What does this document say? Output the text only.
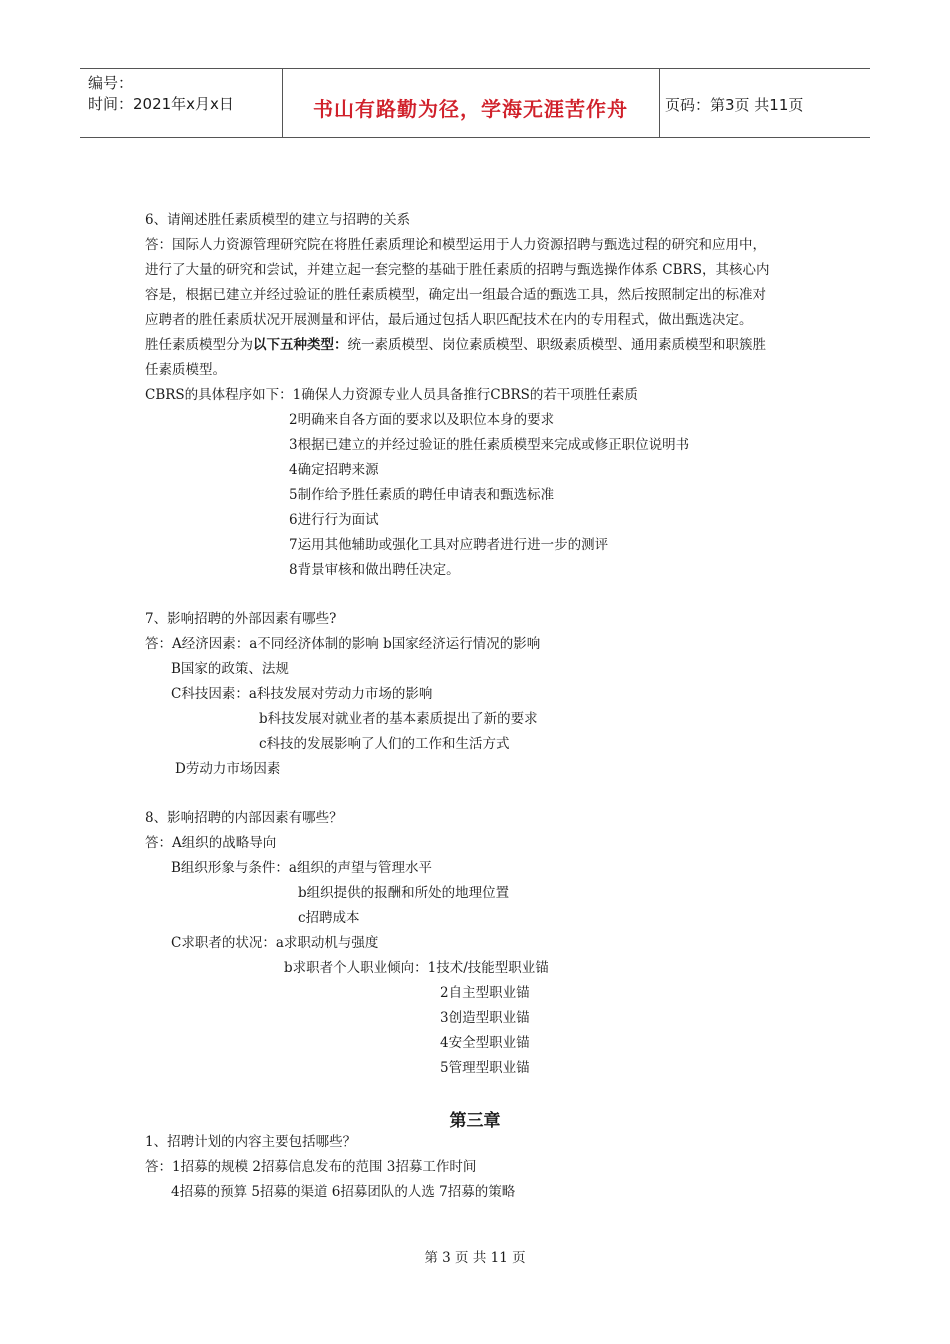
编号：
时间：2021年x月x日	书山有路勤为径，学海无涯苦作舟	页码：第3页 共11页
6、请阐述胜任素质模型的建立与招聘的关系
答：国际人力资源管理研究院在将胜任素质理论和模型运用于人力资源招聘与甄选过程的研究和应用中，
进行了大量的研究和尝试，并建立起一套完整的基础于胜任素质的招聘与甄选操作体系 CBRS，其核心内
容是，根据已建立并经过验证的胜任素质模型，确定出一组最合适的甄选工具，然后按照制定出的标准对
应聘者的胜任素质状况开展测量和评估，最后通过包括人职匹配技术在内的专用程式，做出甄选决定。
胜任素质模型分为以下五种类型：统一素质模型、岗位素质模型、职级素质模型、通用素质模型和职簇胜
任素质模型。
CBRS的具体程序如下：1确保人力资源专业人员具备推行CBRS的若干项胜任素质
2明确来自各方面的要求以及职位本身的要求
3根据已建立的并经过验证的胜任素质模型来完成或修正职位说明书
4确定招聘来源
5制作给予胜任素质的聘任申请表和甄选标准
6进行行为面试
7运用其他辅助或强化工具对应聘者进行进一步的测评
8背景审核和做出聘任决定。
7、影响招聘的外部因素有哪些?
答：A经济因素：a不同经济体制的影响 b国家经济运行情况的影响
B国家的政策、法规
C科技因素：a科技发展对劳动力市场的影响
b科技发展对就业者的基本素质提出了新的要求
c科技的发展影响了人们的工作和生活方式
D劳动力市场因素
8、影响招聘的内部因素有哪些？
答：A组织的战略导向
B组织形象与条件：a组织的声望与管理水平
b组织提供的报酬和所处的地理位置
c招聘成本
C求职者的状况：a求职动机与强度
b求职者个人职业倾向：1技术/技能型职业锚
2自主型职业锚
3创造型职业锚
4安全型职业锚
5管理型职业锚
第三章
1、招聘计划的内容主要包括哪些？
答：1招募的规模 2招募信息发布的范围 3招募工作时间
4招募的预算 5招募的渠道 6招募团队的人选 7招募的策略
第 3 页 共 11 页
